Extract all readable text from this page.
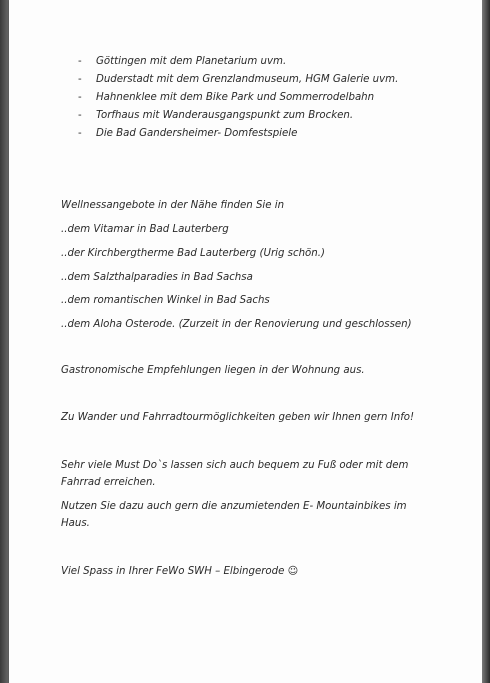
-	Göttingen mit dem Planetarium uvm.
-	Duderstadt mit dem Grenzlandmuseum, HGM Galerie uvm.
-	Hahnenklee mit dem Bike Park und Sommerrodelbahn
-	Torfhaus mit Wanderausgangspunkt zum Brocken.
-	Die Bad Gandersheimer- Domfestspiele
Wellnessangebote in der Nähe finden Sie in
..dem Vitamar in Bad Lauterberg
..der Kirchbergtherme Bad Lauterberg (Urig schön.)
..dem Salzthalparadies in Bad Sachsa
..dem romantischen Winkel in Bad Sachs
..dem Aloha Osterode. (Zurzeit in der Renovierung und geschlossen)
Gastronomische Empfehlungen liegen in der Wohnung aus.
Zu Wander und Fahrradtourmöglichkeiten geben wir Ihnen gern Info!
Sehr viele Must Do`s lassen sich auch bequem zu Fuß oder mit dem
Fahrrad erreichen.
Nutzen Sie dazu auch gern die anzumietenden E- Mountainbikes im
Haus.
Viel Spass in Ihrer FeWo SWH – Elbingerode ☺
